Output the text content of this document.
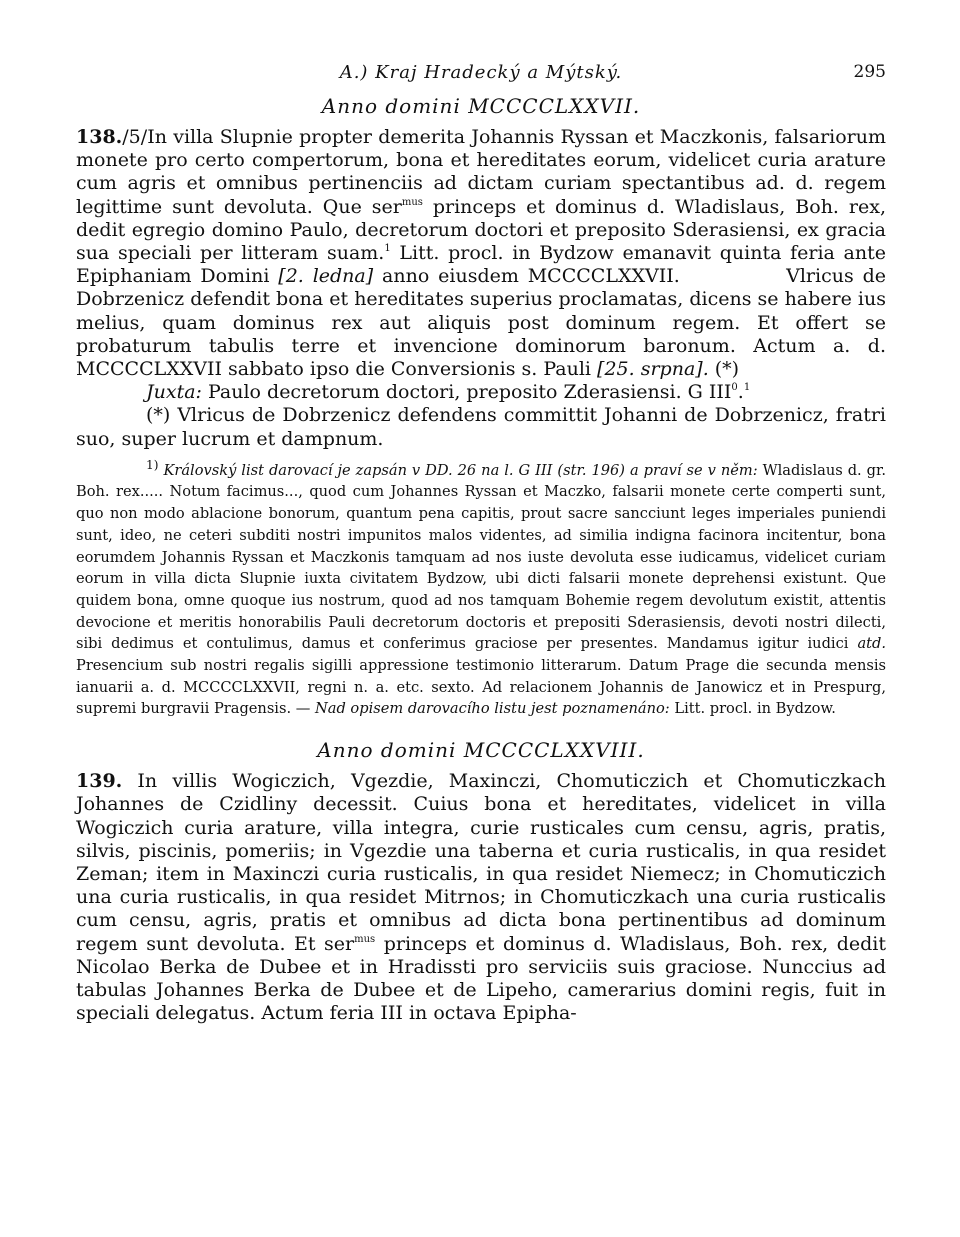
A.) Kraj Hradecký a Mýtský.	295
Anno domini MCCCCLXXVII.

138./5/In villa Slupnie propter demerita Johannis Ryssan et Maczkonis, falsariorum monete pro certo compertorum, bona et hereditates eorum, videlicet curia arature cum agris et omnibus pertinenciis ad dictam curiam spectantibus ad. d. regem legittime sunt devoluta. Que ser$^{mus}$ princeps et dominus d. Wladislaus, Boh. rex, dedit egregio domino Paulo, decretorum doctori et preposito Sderasiensi, ex gracia sua speciali per litteram suam.$^1$ Litt. procl. in Bydzow emanavit quinta feria ante Epiphaniam Domini [2. ledna] anno eiusdem MCCCCLXXVII.	Vlricus de Dobrzenicz defendit bona et hereditates superius proclamatas, dicens se habere ius melius, quam dominus rex aut aliquis post dominum regem. Et offert se probaturum tabulis terre et invencione dominorum baronum. Actum a. d. MCCCCLXXVII sabbato ipso die Conversionis s. Pauli [25. srpna]. (*)

Juxta: Paulo decretorum doctori, preposito Zderasiensi. G III$^0$.$^1$

(*) Vlricus de Dobrzenicz defendens committit Johanni de Dobrzenicz, fratri suo, super lucrum et dampnum.

$^{1)}$ Královský list darovací je zapsán v DD. 26 na l. G III (str. 196) a praví se v něm: Wladislaus d. gr. Boh. rex..... Notum facimus..., quod cum Johannes Ryssan et Maczko, falsarii monete certe comperti sunt, quo non modo ablacione bonorum, quantum pena capitis, prout sacre sancciunt leges imperiales puniendi sunt, ideo, ne ceteri subditi nostri impunitos malos videntes, ad similia indigna facinora incitentur, bona eorumdem Johannis Ryssan et Maczkonis tamquam ad nos iuste devoluta esse iudicamus, videlicet curiam eorum in villa dicta Slupnie iuxta civitatem Bydzow, ubi dicti falsarii monete deprehensi existunt. Que quidem bona, omne quoque ius nostrum, quod ad nos tamquam Bohemie regem devolutum existit, attentis devocione et meritis honorabilis Pauli decretorum doctoris et prepositi Sderasiensis, devoti nostri dilecti, sibi dedimus et contulimus, damus et conferimus graciose per presentes. Mandamus igitur iudici atd. Presencium sub nostri regalis sigilli appressione testimonio litterarum. Datum Prage die secunda mensis ianuarii a. d. MCCCCLXXVII, regni n. a. etc. sexto. Ad relacionem Johannis de Janowicz et in Prespurg, supremi burgravii Pragensis. — Nad opisem darovacího listu jest poznamenáno: Litt. procl. in Bydzow.

Anno domini MCCCCLXXVIII.

139. In villis Wogiczich, Vgezdie, Maxinczi, Chomuticzich et Chomuticzkach Johannes de Czidliny decessit. Cuius bona et hereditates, videlicet in villa Wogiczich curia arature, villa integra, curie rusticales cum censu, agris, pratis, silvis, piscinis, pomeriis; in Vgezdie una taberna et curia rusticalis, in qua residet Zeman; item in Maxinczi curia rusticalis, in qua residet Niemecz; in Chomuticzich una curia rusticalis, in qua residet Mitrnos; in Chomuticzkach una curia rusticalis cum censu, agris, pratis et omnibus ad dicta bona pertinentibus ad dominum regem sunt devoluta. Et ser$^{mus}$ princeps et dominus d. Wladislaus, Boh. rex, dedit Nicolao Berka de Dubee et in Hradissti pro serviciis suis graciose. Nunccius ad tabulas Johannes Berka de Dubee et de Lipeho, camerarius domini regis, fuit in speciali delegatus. Actum feria III in octava Epipha-
